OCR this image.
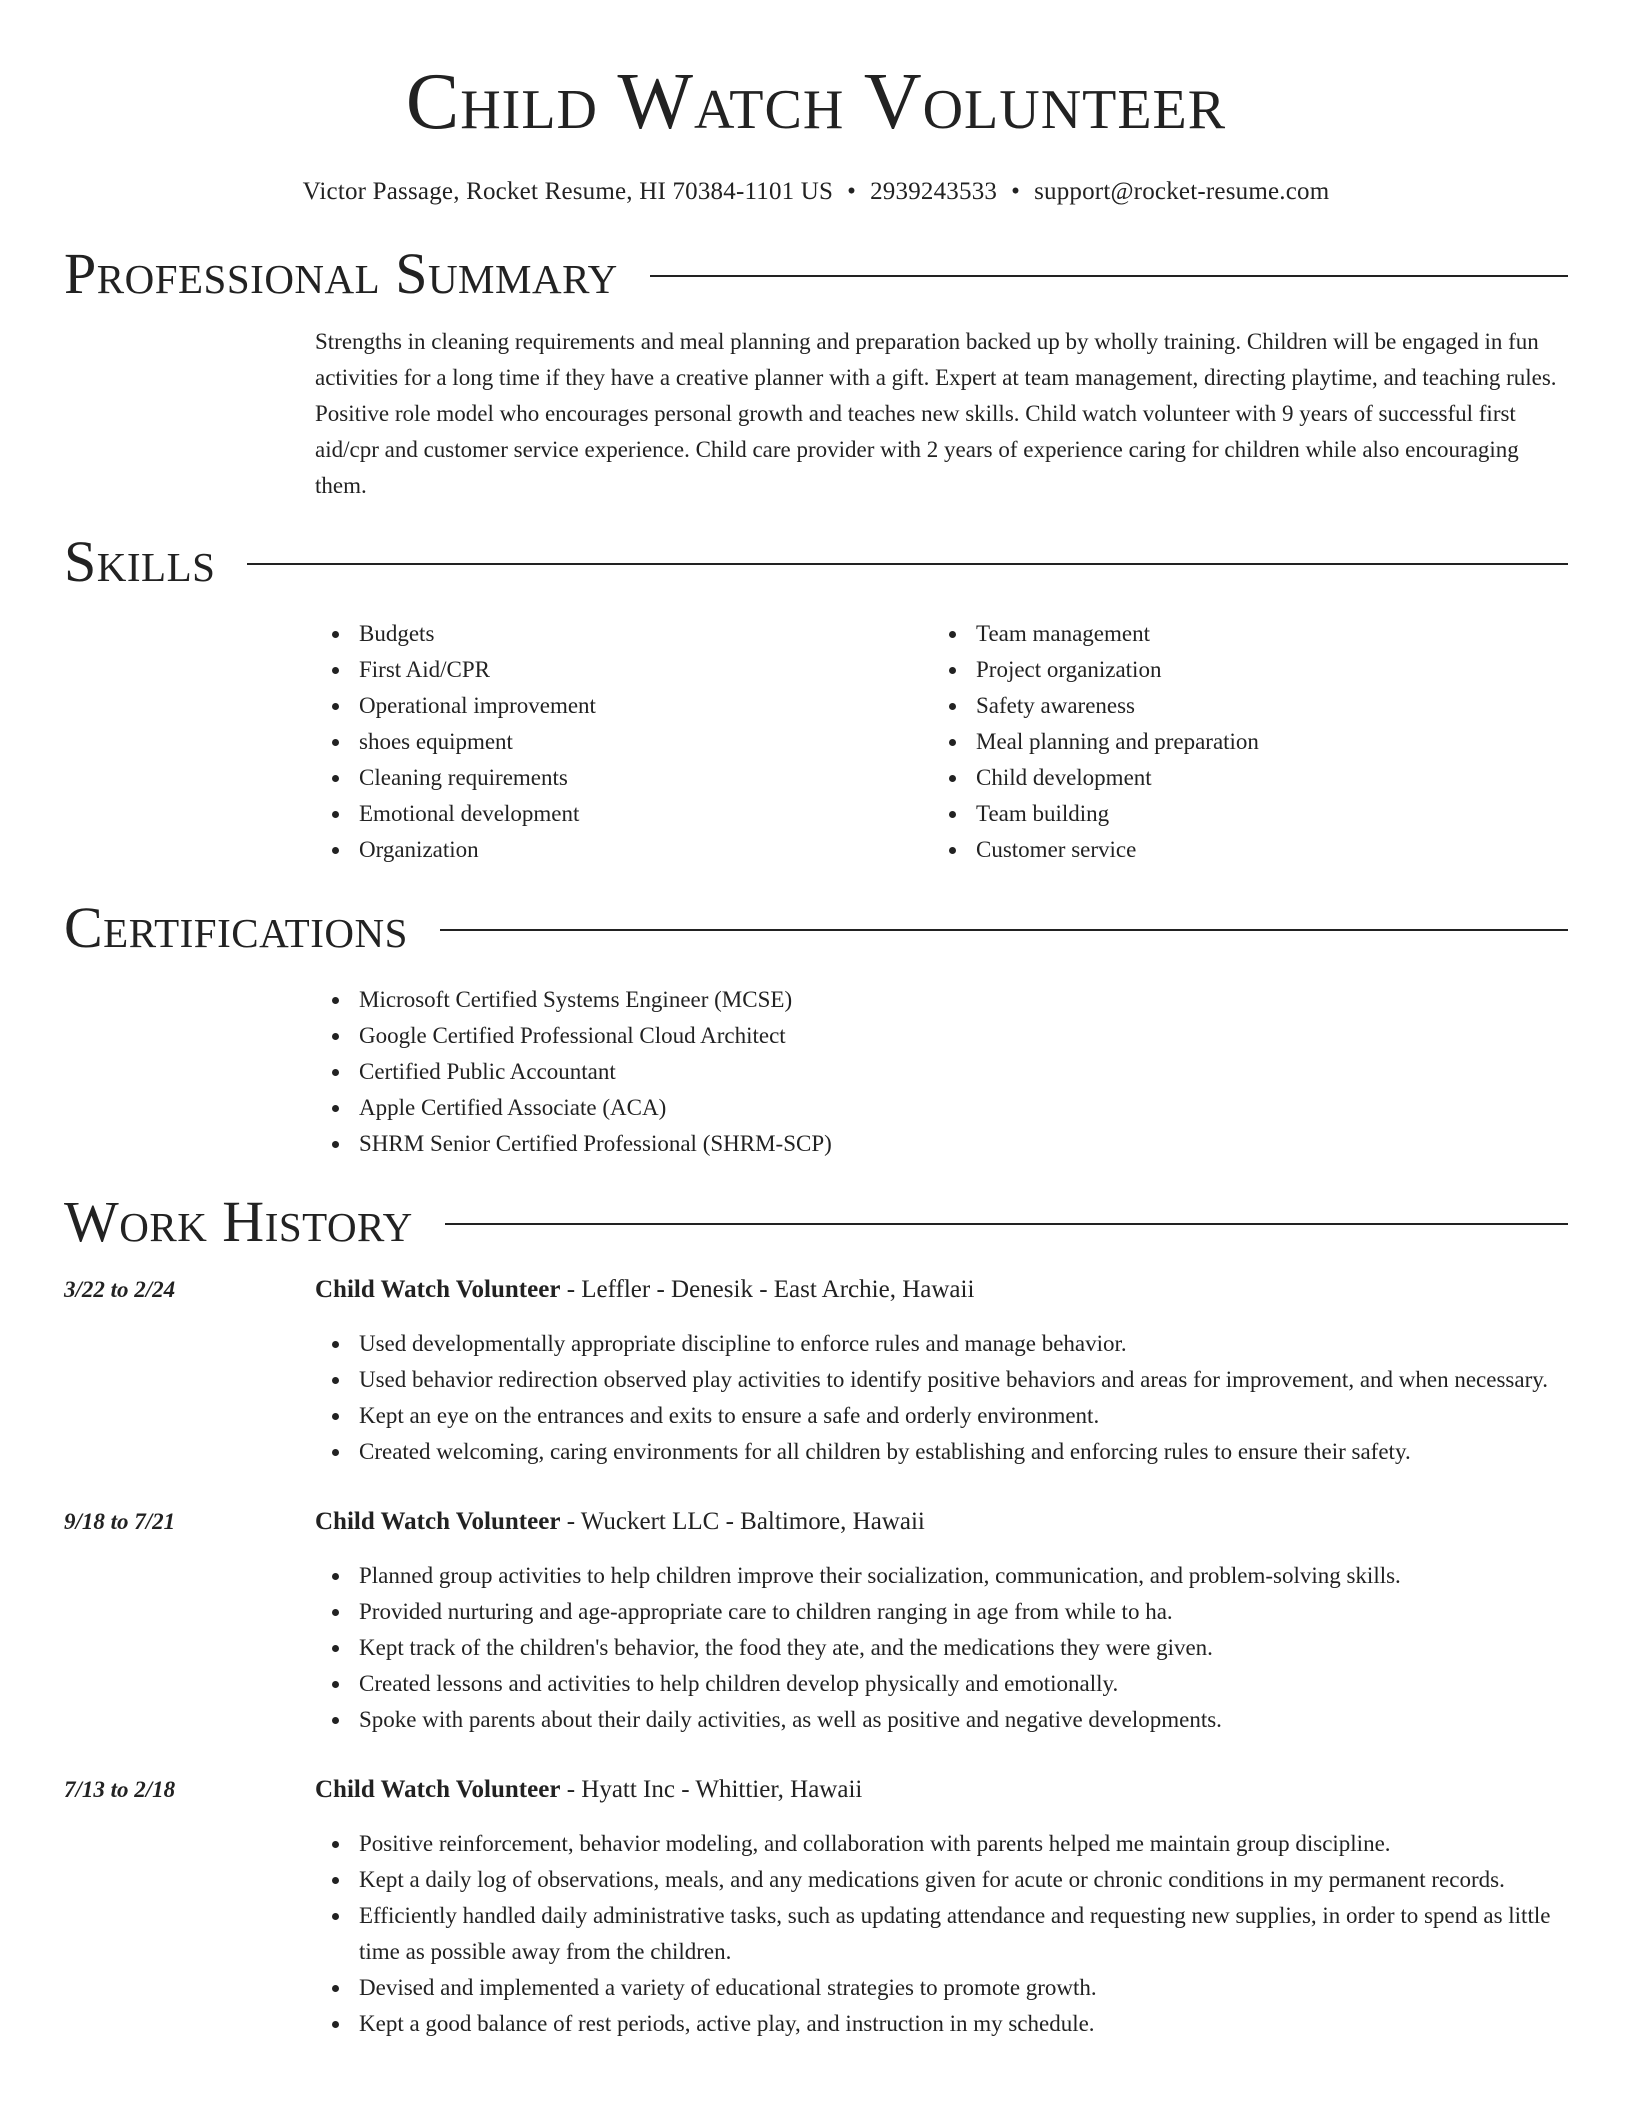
Child Watch Volunteer
Victor Passage, Rocket Resume, HI 70384-1101 US • 2939243533 • support@rocket-resume.com
Professional Summary
Strengths in cleaning requirements and meal planning and preparation backed up by wholly training. Children will be engaged in fun activities for a long time if they have a creative planner with a gift. Expert at team management, directing playtime, and teaching rules. Positive role model who encourages personal growth and teaches new skills. Child watch volunteer with 9 years of successful first aid/cpr and customer service experience. Child care provider with 2 years of experience caring for children while also encouraging them.
Skills
Budgets
First Aid/CPR
Operational improvement
shoes equipment
Cleaning requirements
Emotional development
Organization
Team management
Project organization
Safety awareness
Meal planning and preparation
Child development
Team building
Customer service
Certifications
Microsoft Certified Systems Engineer (MCSE)
Google Certified Professional Cloud Architect
Certified Public Accountant
Apple Certified Associate (ACA)
SHRM Senior Certified Professional (SHRM-SCP)
Work History
3/22 to 2/24	Child Watch Volunteer - Leffler - Denesik - East Archie, Hawaii
Used developmentally appropriate discipline to enforce rules and manage behavior.
Used behavior redirection observed play activities to identify positive behaviors and areas for improvement, and when necessary.
Kept an eye on the entrances and exits to ensure a safe and orderly environment.
Created welcoming, caring environments for all children by establishing and enforcing rules to ensure their safety.
9/18 to 7/21	Child Watch Volunteer - Wuckert LLC - Baltimore, Hawaii
Planned group activities to help children improve their socialization, communication, and problem-solving skills.
Provided nurturing and age-appropriate care to children ranging in age from while to ha.
Kept track of the children's behavior, the food they ate, and the medications they were given.
Created lessons and activities to help children develop physically and emotionally.
Spoke with parents about their daily activities, as well as positive and negative developments.
7/13 to 2/18	Child Watch Volunteer - Hyatt Inc - Whittier, Hawaii
Positive reinforcement, behavior modeling, and collaboration with parents helped me maintain group discipline.
Kept a daily log of observations, meals, and any medications given for acute or chronic conditions in my permanent records.
Efficiently handled daily administrative tasks, such as updating attendance and requesting new supplies, in order to spend as little time as possible away from the children.
Devised and implemented a variety of educational strategies to promote growth.
Kept a good balance of rest periods, active play, and instruction in my schedule.
